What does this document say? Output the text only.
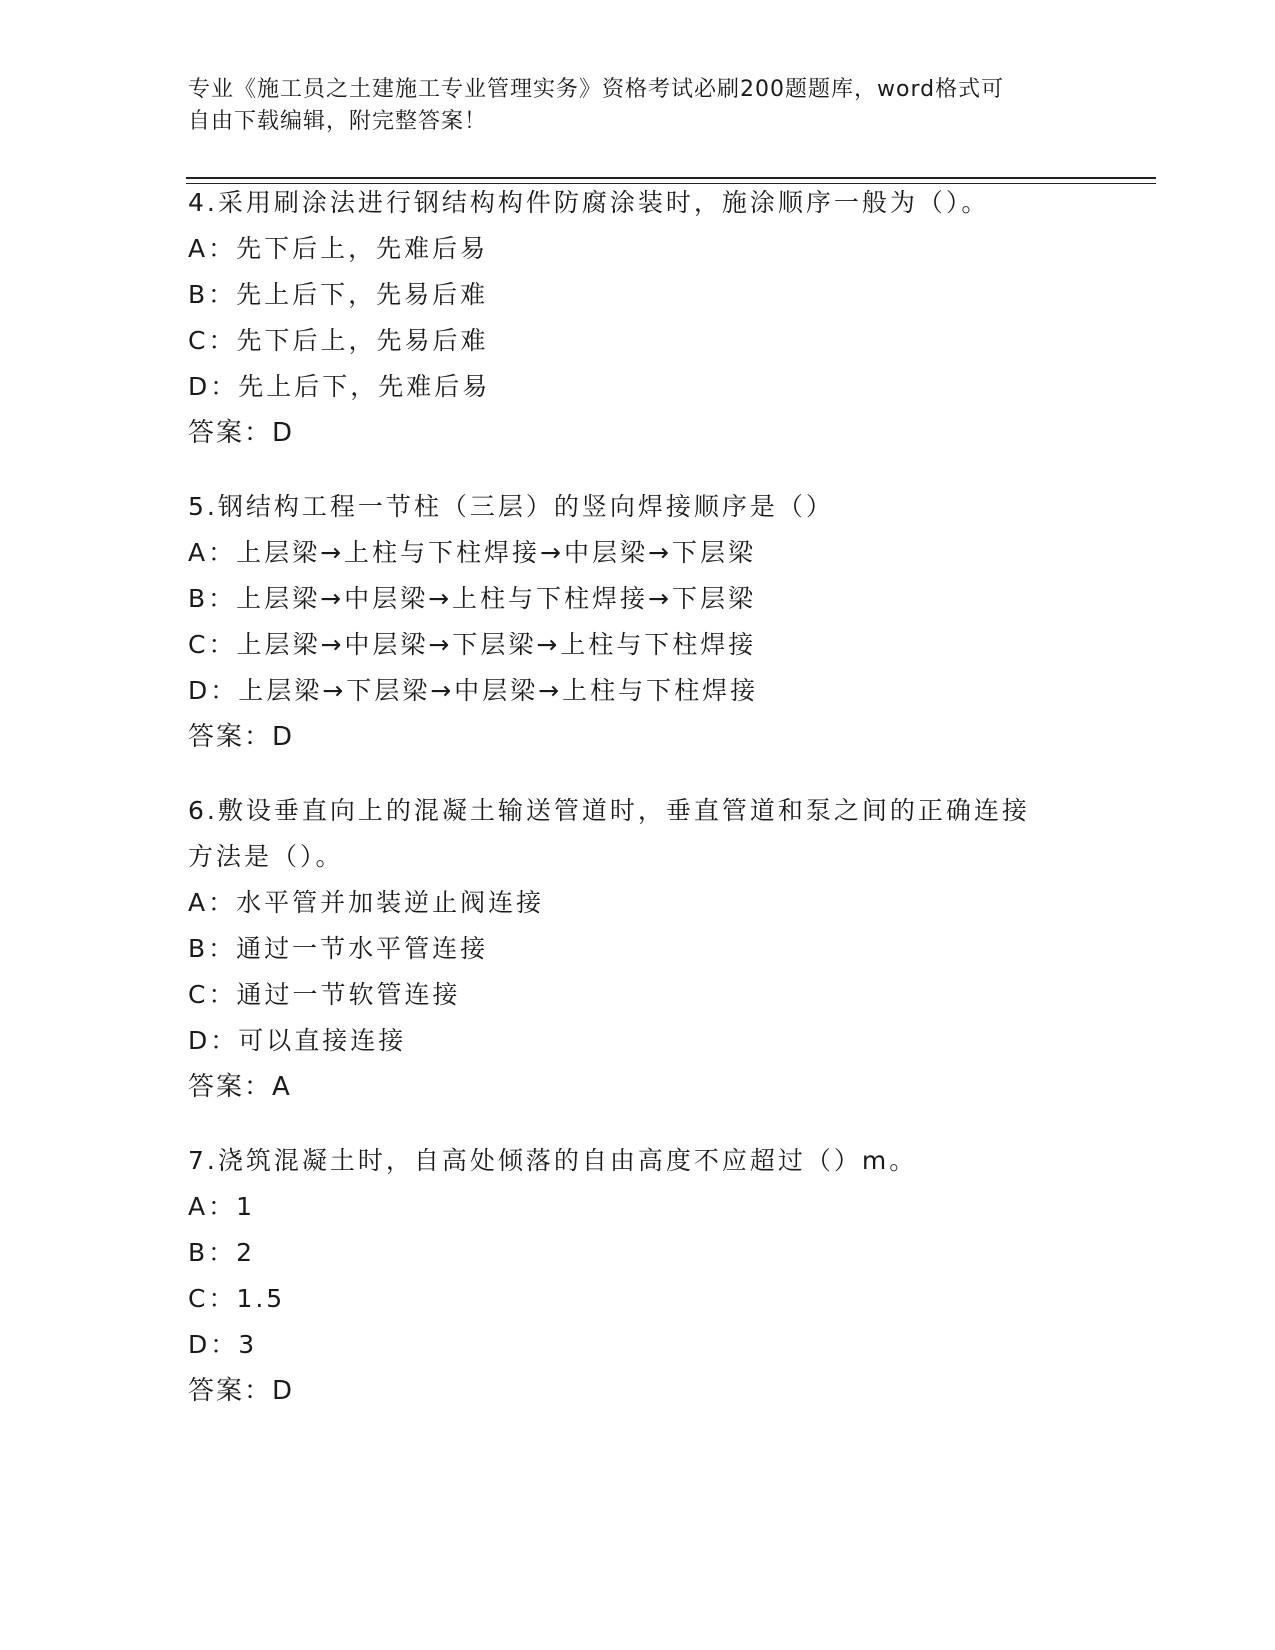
专业《施工员之土建施工专业管理实务》资格考试必刷200题题库，word格式可
自由下载编辑，附完整答案！

4.采用刷涂法进行钢结构构件防腐涂装时，施涂顺序一般为（）。

A：先下后上，先难后易

B：先上后下，先易后难

C：先下后上，先易后难

D：先上后下，先难后易

答案：D

5.钢结构工程一节柱（三层）的竖向焊接顺序是（）

A：上层梁→上柱与下柱焊接→中层梁→下层梁

B：上层梁→中层梁→上柱与下柱焊接→下层梁

C：上层梁→中层梁→下层梁→上柱与下柱焊接

D：上层梁→下层梁→中层梁→上柱与下柱焊接

答案：D

6.敷设垂直向上的混凝土输送管道时，垂直管道和泵之间的正确连接

方法是（）。

A：水平管并加装逆止阀连接

B：通过一节水平管连接

C：通过一节软管连接

D：可以直接连接

答案：A

7.浇筑混凝土时，自高处倾落的自由高度不应超过（）m。

A：1

B：2

C：1.5

D：3

答案：D
